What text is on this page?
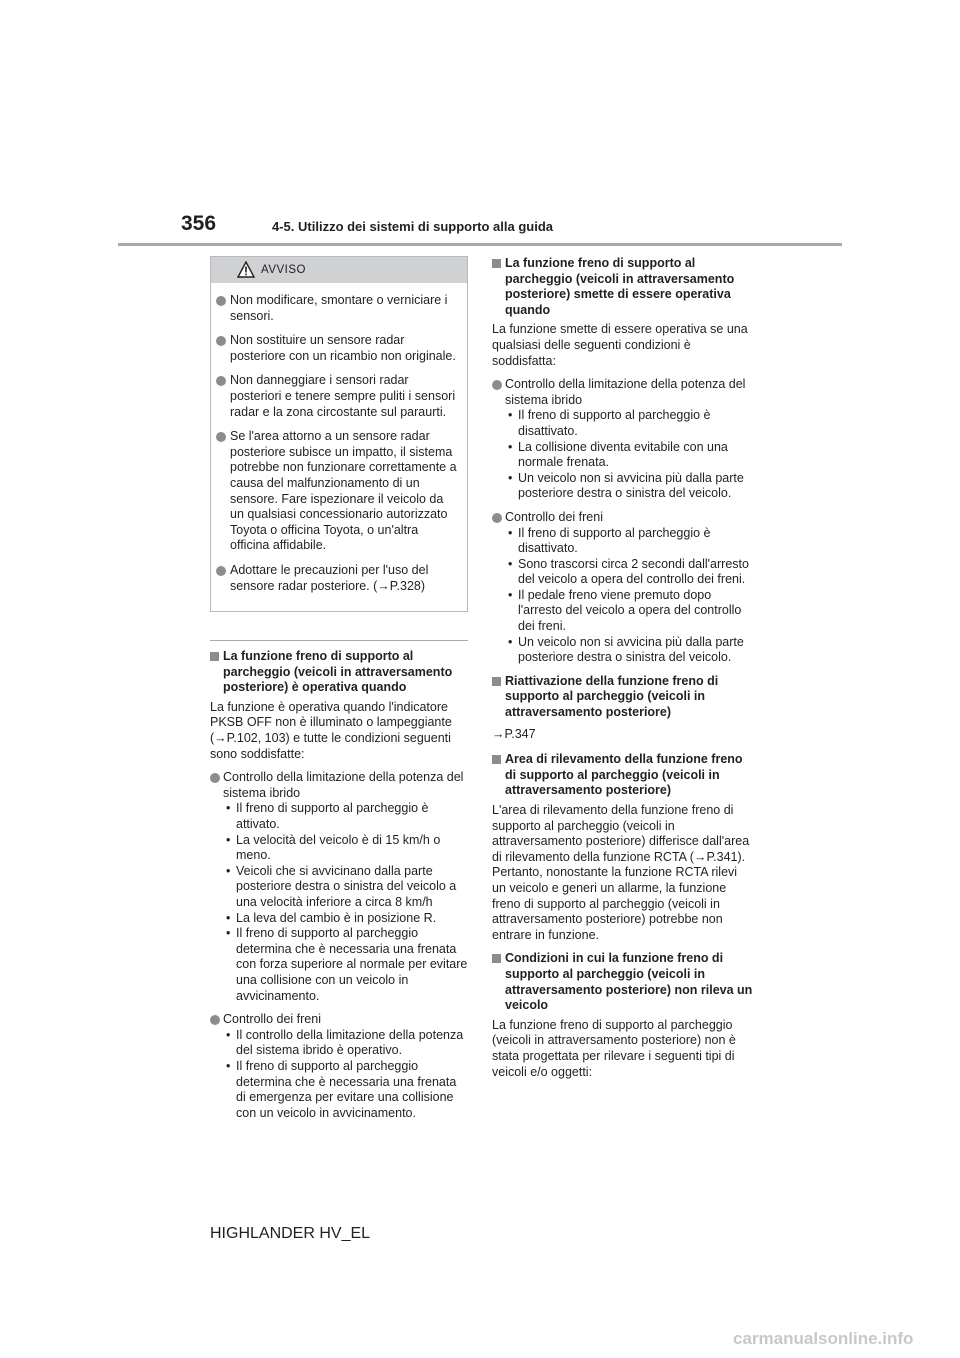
356	4-5. Utilizzo dei sistemi di supporto alla guida
AVVISO
Non modificare, smontare o verniciare i sensori.
Non sostituire un sensore radar posteriore con un ricambio non originale.
Non danneggiare i sensori radar posteriori e tenere sempre puliti i sensori radar e la zona circostante sul paraurti.
Se l'area attorno a un sensore radar posteriore subisce un impatto, il sistema potrebbe non funzionare correttamente a causa del malfunzionamento di un sensore. Fare ispezionare il veicolo da un qualsiasi concessionario autorizzato Toyota o officina Toyota, o un'altra officina affidabile.
Adottare le precauzioni per l'uso del sensore radar posteriore. (→P.328)
La funzione freno di supporto al parcheggio (veicoli in attraversamento posteriore) è operativa quando
La funzione è operativa quando l'indicatore PKSB OFF non è illuminato o lampeggiante (→P.102, 103) e tutte le condizioni seguenti sono soddisfatte:
Controllo della limitazione della potenza del sistema ibrido
• Il freno di supporto al parcheggio è attivato.
• La velocità del veicolo è di 15 km/h o meno.
• Veicoli che si avvicinano dalla parte posteriore destra o sinistra del veicolo a una velocità inferiore a circa 8 km/h
• La leva del cambio è in posizione R.
• Il freno di supporto al parcheggio determina che è necessaria una frenata con forza superiore al normale per evitare una collisione con un veicolo in avvicinamento.
Controllo dei freni
• Il controllo della limitazione della potenza del sistema ibrido è operativo.
• Il freno di supporto al parcheggio determina che è necessaria una frenata di emergenza per evitare una collisione con un veicolo in avvicinamento.
La funzione freno di supporto al parcheggio (veicoli in attraversamento posteriore) smette di essere operativa quando
La funzione smette di essere operativa se una qualsiasi delle seguenti condizioni è soddisfatta:
Controllo della limitazione della potenza del sistema ibrido
• Il freno di supporto al parcheggio è disattivato.
• La collisione diventa evitabile con una normale frenata.
• Un veicolo non si avvicina più dalla parte posteriore destra o sinistra del veicolo.
Controllo dei freni
• Il freno di supporto al parcheggio è disattivato.
• Sono trascorsi circa 2 secondi dall'arresto del veicolo a opera del controllo dei freni.
• Il pedale freno viene premuto dopo l'arresto del veicolo a opera del controllo dei freni.
• Un veicolo non si avvicina più dalla parte posteriore destra o sinistra del veicolo.
Riattivazione della funzione freno di supporto al parcheggio (veicoli in attraversamento posteriore)
→P.347
Area di rilevamento della funzione freno di supporto al parcheggio (veicoli in attraversamento posteriore)
L'area di rilevamento della funzione freno di supporto al parcheggio (veicoli in attraversamento posteriore) differisce dall'area di rilevamento della funzione RCTA (→P.341). Pertanto, nonostante la funzione RCTA rilevi un veicolo e generi un allarme, la funzione freno di supporto al parcheggio (veicoli in attraversamento posteriore) potrebbe non entrare in funzione.
Condizioni in cui la funzione freno di supporto al parcheggio (veicoli in attraversamento posteriore) non rileva un veicolo
La funzione freno di supporto al parcheggio (veicoli in attraversamento posteriore) non è stata progettata per rilevare i seguenti tipi di veicoli e/o oggetti:
HIGHLANDER HV_EL
carmanualsonline.info
